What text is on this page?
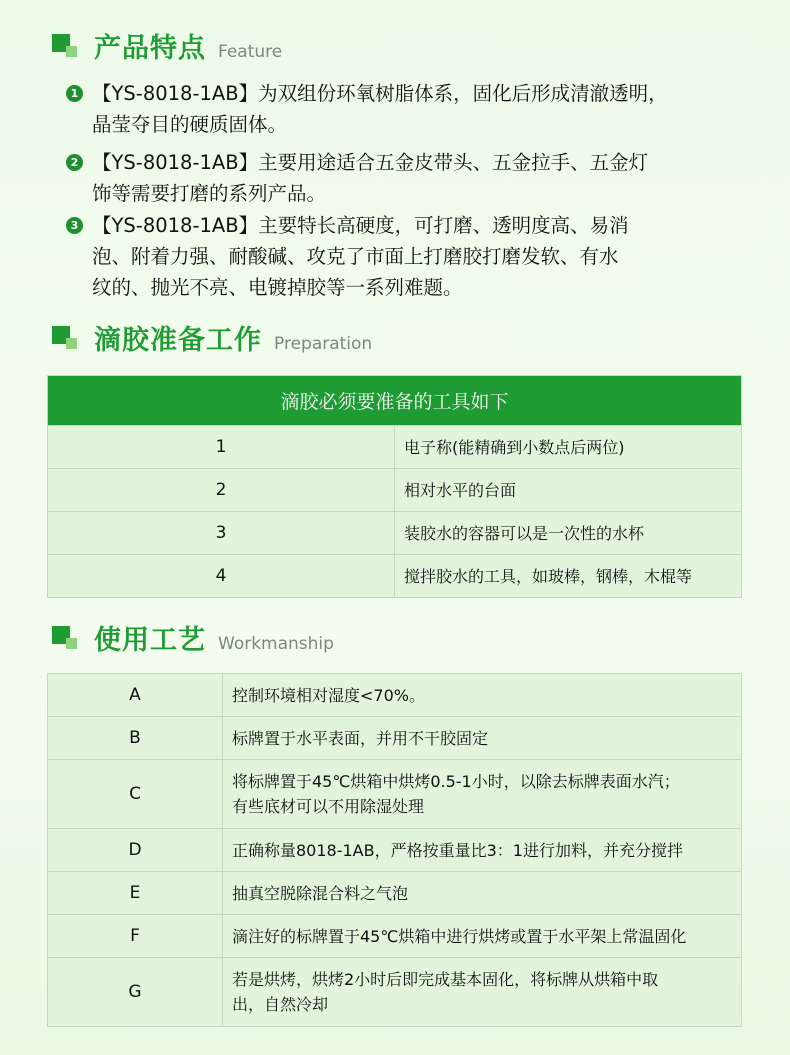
产品特点 Feature
1 【YS-8018-1AB】为双组份环氧树脂体系，固化后形成清澈透明，
晶莹夺目的硬质固体。
2 【YS-8018-1AB】主要用途适合五金皮带头、五金拉手、五金灯
饰等需要打磨的系列产品。
3 【YS-8018-1AB】主要特长高硬度，可打磨、透明度高、易消
泡、附着力强、耐酸碱、攻克了市面上打磨胶打磨发软、有水
纹的、抛光不亮、电镀掉胶等一系列难题。
滴胶准备工作 Preparation
滴胶必须要准备的工具如下	
1	电子称(能精确到小数点后两位)
2	相对水平的台面
3	装胶水的容器可以是一次性的水杯
4	搅拌胶水的工具，如玻棒，钢棒，木棍等
使用工艺 Workmanship
A	控制环境相对湿度<70%。
B	标牌置于水平表面，并用不干胶固定
C	将标牌置于45℃烘箱中烘烤0.5-1小时，以除去标牌表面水汽；
有些底材可以不用除湿处理
D	正确称量8018-1AB，严格按重量比3：1进行加料，并充分搅拌
E	抽真空脱除混合料之气泡
F	滴注好的标牌置于45℃烘箱中进行烘烤或置于水平架上常温固化
G	若是烘烤，烘烤2小时后即完成基本固化，将标牌从烘箱中取
出，自然冷却
